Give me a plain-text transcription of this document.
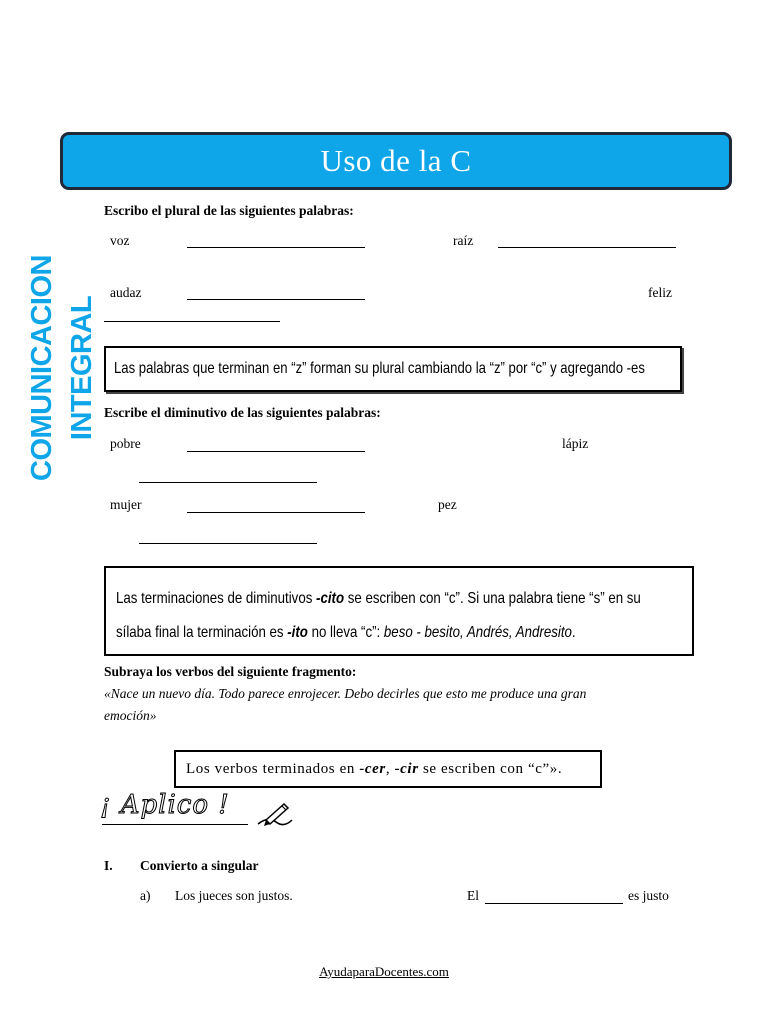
COMUNICACION INTEGRAL
Uso de la C
Escribo el plural de las siguientes palabras:
voz	raíz
audaz	feliz
Las palabras que terminan en “z” forman su plural cambiando la “z” por “c” y agregando -es
Escribe el diminutivo de las siguientes palabras:
pobre	lápiz
mujer	pez
Las terminaciones de diminutivos -cito se escriben con “c”. Si una palabra tiene “s” en su
sílaba final la terminación es -ito no lleva “c”: beso - besito, Andrés, Andresito.
Subraya los verbos del siguiente fragmento:
«Nace un nuevo día. Todo parece enrojecer. Debo decirles que esto me produce una gran
emoción»
Los verbos terminados en -cer, -cir se escriben con “c”».
¡ Aplico !
I. Convierto a singular
a) Los jueces son justos.	El	es justo
AyudaparaDocentes.com
